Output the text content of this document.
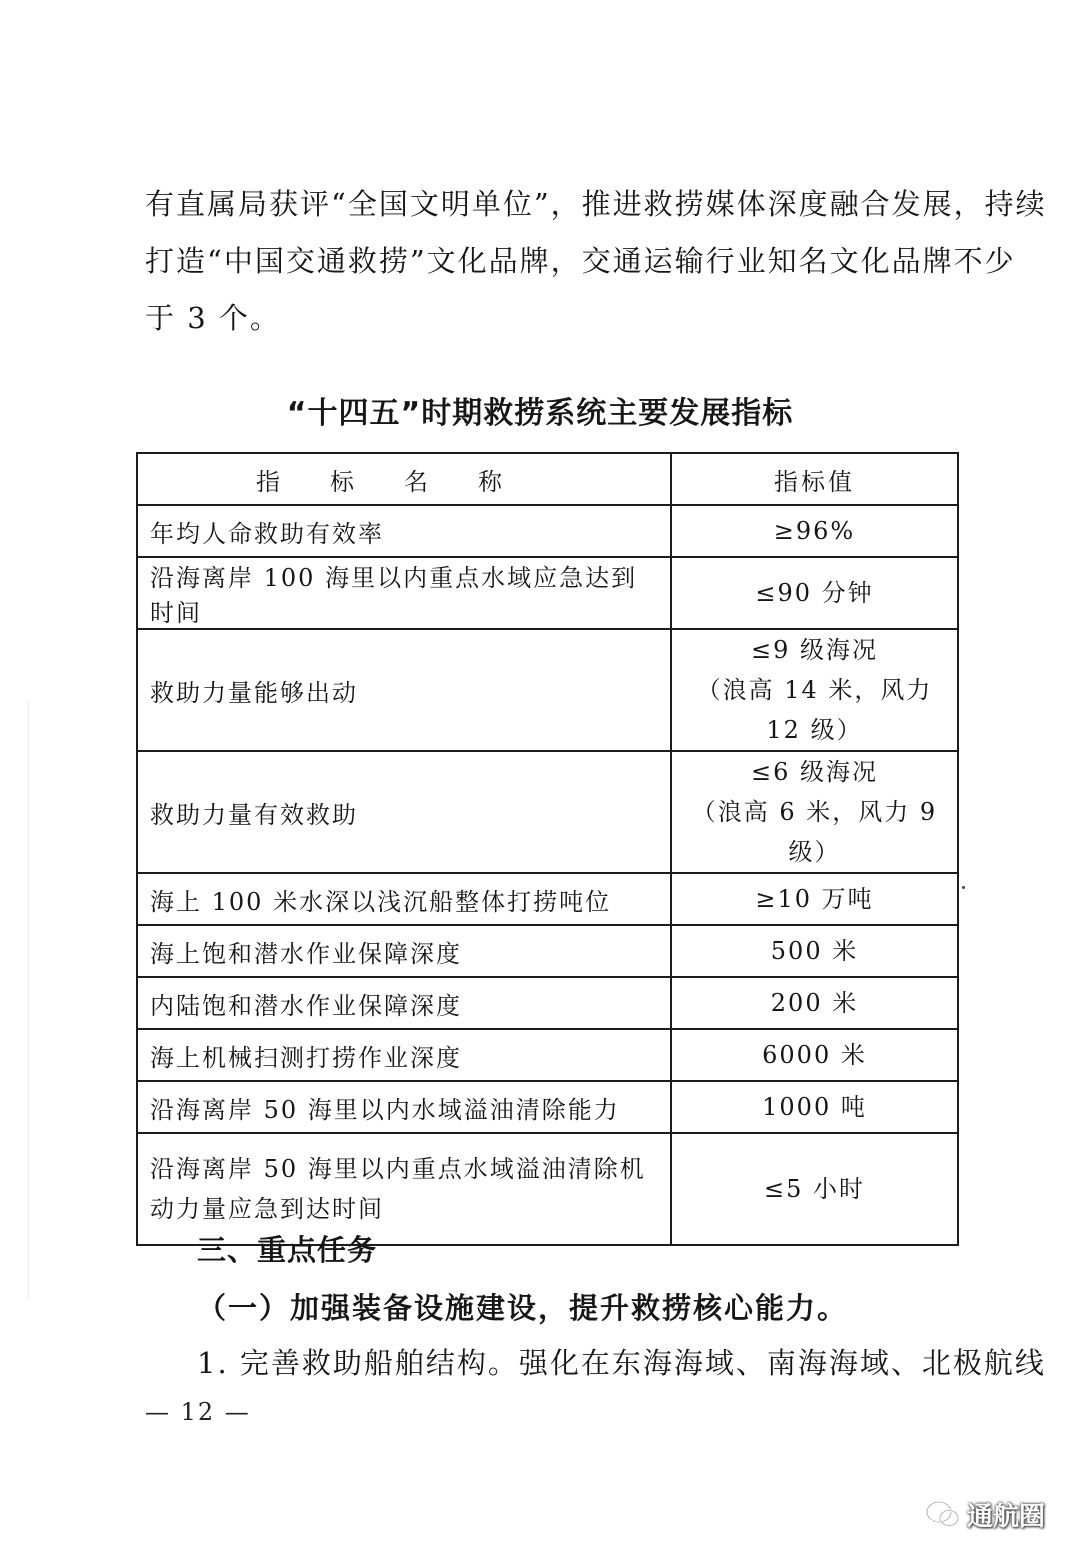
有直属局获评“全国文明单位”，推进救捞媒体深度融合发展，持续
打造“中国交通救捞”文化品牌，交通运输行业知名文化品牌不少
于 3 个。
“十四五”时期救捞系统主要发展指标
指标名称	指标值
年均人命救助有效率	≥96%
沿海离岸 100 海里以内重点水域应急达到时间	≤90 分钟
救助力量能够出动	≤9 级海况
（浪高 14 米，风力 12 级）

救助力量有效救助	≤6 级海况
（浪高 6 米，风力 9 级）

海上 100 米水深以浅沉船整体打捞吨位	≥10 万吨
海上饱和潜水作业保障深度	500 米
内陆饱和潜水作业保障深度	200 米
海上机械扫测打捞作业深度	6000 米
沿海离岸 50 海里以内水域溢油清除能力	1000 吨
沿海离岸 50 海里以内重点水域溢油清除机动力量应急到达时间	≤5 小时
三、重点任务
（一）加强装备设施建设，提升救捞核心能力。
1. 完善救助船舶结构。强化在东海海域、南海海域、北极航线
— 12 —
通航圈
